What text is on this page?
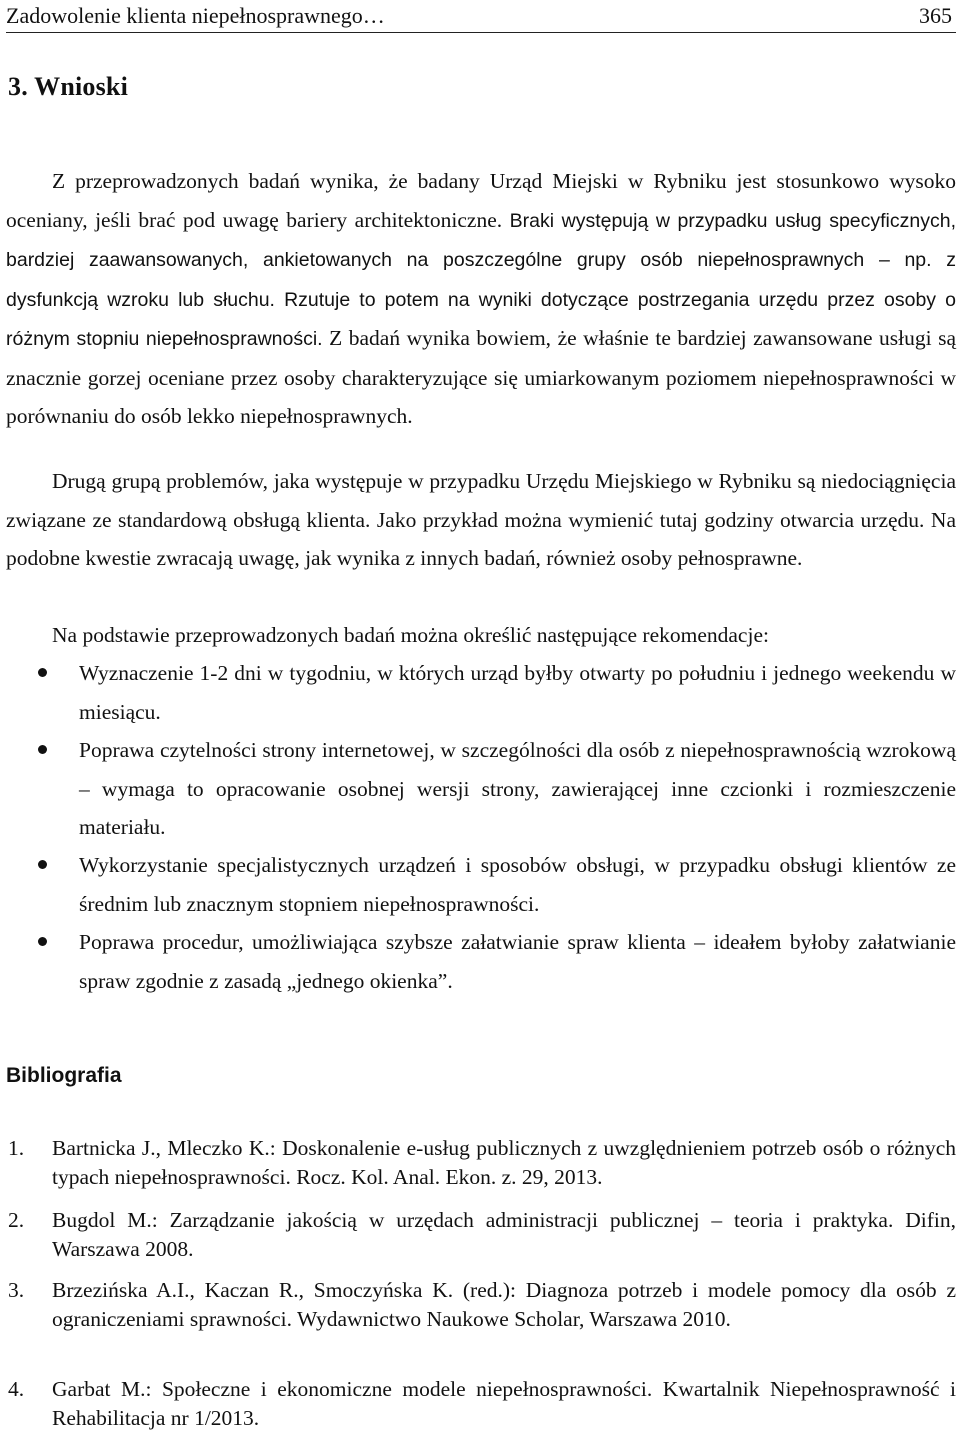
Zadowolenie klienta niepełnosprawnego…	365
3. Wnioski

Z przeprowadzonych badań wynika, że badany Urząd Miejski w Rybniku jest stosunkowo wysoko oceniany, jeśli brać pod uwagę bariery architektoniczne. Braki występują w przypadku usług specyficznych, bardziej zaawansowanych, ankietowanych na poszczególne grupy osób niepełnosprawnych – np. z dysfunkcją wzroku lub słuchu. Rzutuje to potem na wyniki dotyczące postrzegania urzędu przez osoby o różnym stopniu niepełnosprawności. Z badań wynika bowiem, że właśnie te bardziej zawansowane usługi są znacznie gorzej oceniane przez osoby charakteryzujące się umiarkowanym poziomem niepełnosprawności w porównaniu do osób lekko niepełnosprawnych.

Drugą grupą problemów, jaka występuje w przypadku Urzędu Miejskiego w Rybniku są niedociągnięcia związane ze standardową obsługą klienta. Jako przykład można wymienić tutaj godziny otwarcia urzędu. Na podobne kwestie zwracają uwagę, jak wynika z innych badań, również osoby pełnosprawne.

Na podstawie przeprowadzonych badań można określić następujące rekomendacje:

Wyznaczenie 1-2 dni w tygodniu, w których urząd byłby otwarty po południu i jednego weekendu w miesiącu.
Poprawa czytelności strony internetowej, w szczególności dla osób z niepełnosprawnością wzrokową – wymaga to opracowanie osobnej wersji strony, zawierającej inne czcionki i rozmieszczenie materiału.
Wykorzystanie specjalistycznych urządzeń i sposobów obsługi, w przypadku obsługi klientów ze średnim lub znacznym stopniem niepełnosprawności.
Poprawa procedur, umożliwiająca szybsze załatwianie spraw klienta – ideałem byłoby załatwianie spraw zgodnie z zasadą „jednego okienka”.
Bibliografia
1. Bartnicka J., Mleczko K.: Doskonalenie e-usług publicznych z uwzględnieniem potrzeb osób o różnych typach niepełnosprawności. Rocz. Kol. Anal. Ekon. z. 29, 2013.
2. Bugdol M.: Zarządzanie jakością w urzędach administracji publicznej – teoria i praktyka. Difin, Warszawa 2008.
3. Brzezińska A.I., Kaczan R., Smoczyńska K. (red.): Diagnoza potrzeb i modele pomocy dla osób z ograniczeniami sprawności. Wydawnictwo Naukowe Scholar, Warszawa 2010.
4. Garbat M.: Społeczne i ekonomiczne modele niepełnosprawności. Kwartalnik Niepełnosprawność i Rehabilitacja nr 1/2013.
